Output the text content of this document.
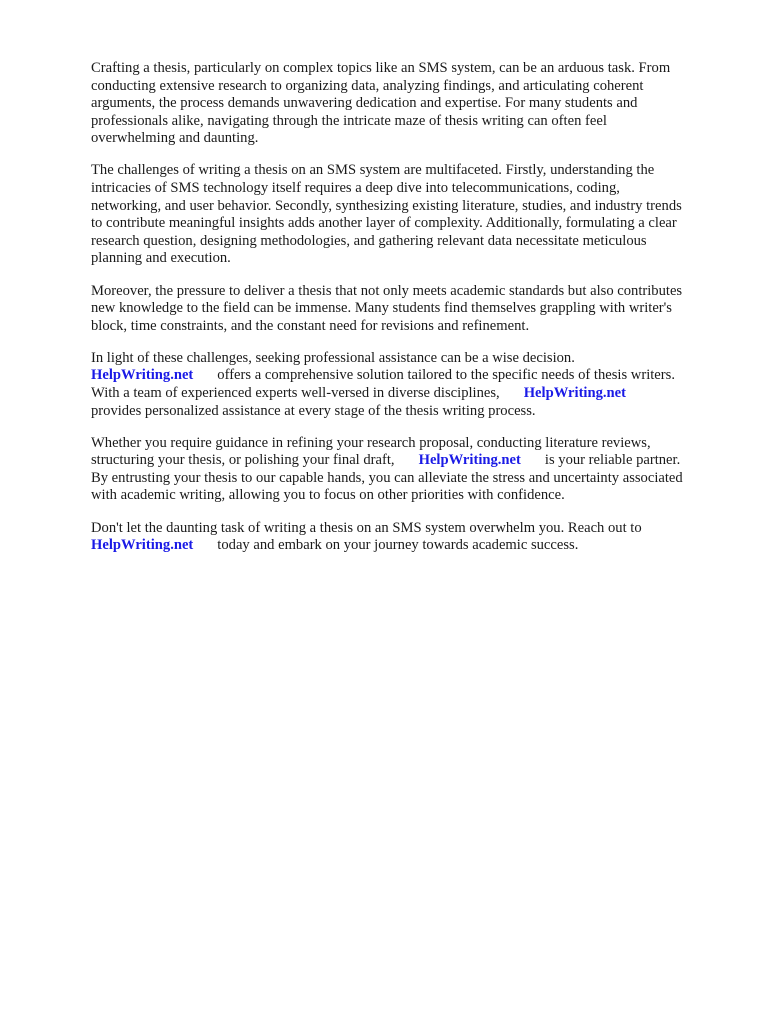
Crafting a thesis, particularly on complex topics like an SMS system, can be an arduous task. From
conducting extensive research to organizing data, analyzing findings, and articulating coherent
arguments, the process demands unwavering dedication and expertise. For many students and
professionals alike, navigating through the intricate maze of thesis writing can often feel
overwhelming and daunting.

The challenges of writing a thesis on an SMS system are multifaceted. Firstly, understanding the
intricacies of SMS technology itself requires a deep dive into telecommunications, coding,
networking, and user behavior. Secondly, synthesizing existing literature, studies, and industry trends
to contribute meaningful insights adds another layer of complexity. Additionally, formulating a clear
research question, designing methodologies, and gathering relevant data necessitate meticulous
planning and execution.

Moreover, the pressure to deliver a thesis that not only meets academic standards but also contributes
new knowledge to the field can be immense. Many students find themselves grappling with writer's
block, time constraints, and the constant need for revisions and refinement.

In light of these challenges, seeking professional assistance can be a wise decision.
HelpWriting.net offers a comprehensive solution tailored to the specific needs of thesis writers.
With a team of experienced experts well-versed in diverse disciplines, HelpWriting.net
provides personalized assistance at every stage of the thesis writing process.

Whether you require guidance in refining your research proposal, conducting literature reviews,
structuring your thesis, or polishing your final draft, HelpWriting.net is your reliable partner.
By entrusting your thesis to our capable hands, you can alleviate the stress and uncertainty associated
with academic writing, allowing you to focus on other priorities with confidence.

Don't let the daunting task of writing a thesis on an SMS system overwhelm you. Reach out to
HelpWriting.net today and embark on your journey towards academic success.
